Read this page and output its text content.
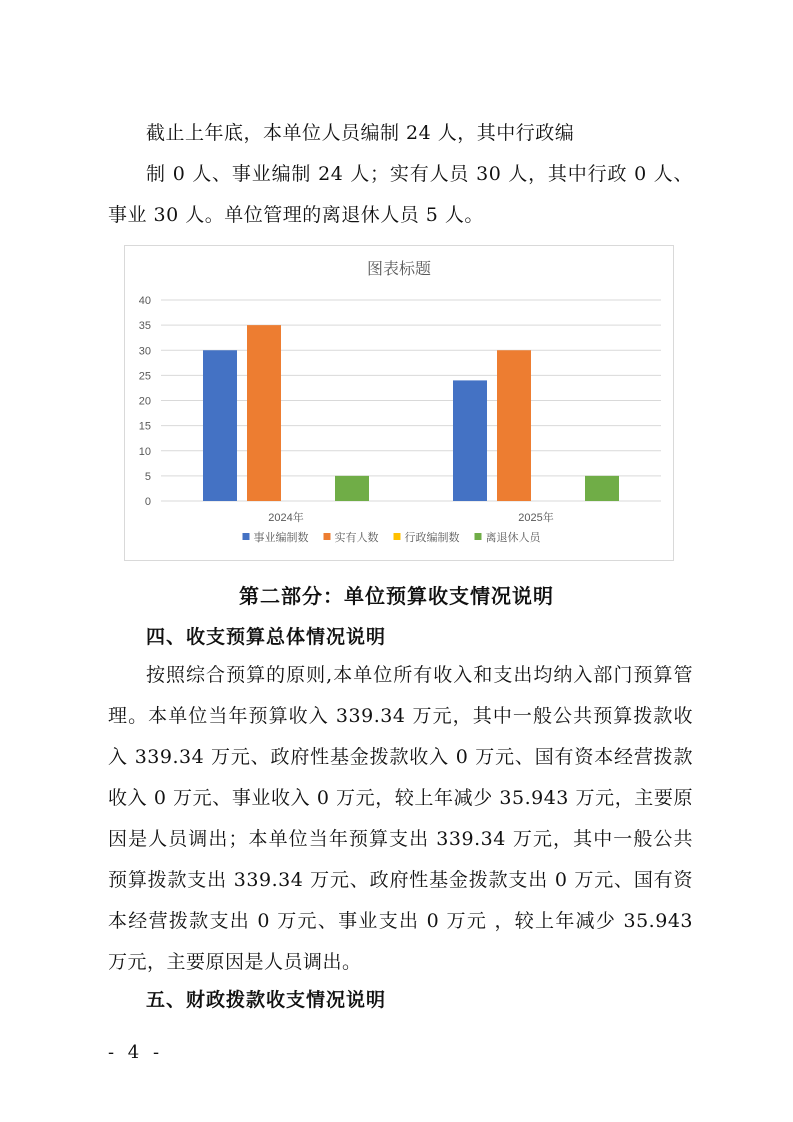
截止上年底，本单位人员编制 24 人，其中行政编

制 0 人、事业编制 24 人；实有人员 30 人，其中行政 0 人、事业 30 人。单位管理的离退休人员 5 人。

图表标题
0
5
10
15
20
25
30
35
40
2024年	2025年
事业编制数 实有人数 行政编制数 离退休人员
第二部分：单位预算收支情况说明
四、收支预算总体情况说明

按照综合预算的原则,本单位所有收入和支出均纳入部门预算管理。本单位当年预算收入 339.34 万元，其中一般公共预算拨款收入 339.34 万元、政府性基金拨款收入 0 万元、国有资本经营拨款收入 0 万元、事业收入 0 万元，较上年减少 35.943 万元，主要原因是人员调出；本单位当年预算支出 339.34 万元，其中一般公共预算拨款支出 339.34 万元、政府性基金拨款支出 0 万元、国有资本经营拨款支出 0 万元、事业支出 0 万元 ，较上年减少 35.943 万元，主要原因是人员调出。

五、财政拨款收支情况说明
- 4 -
